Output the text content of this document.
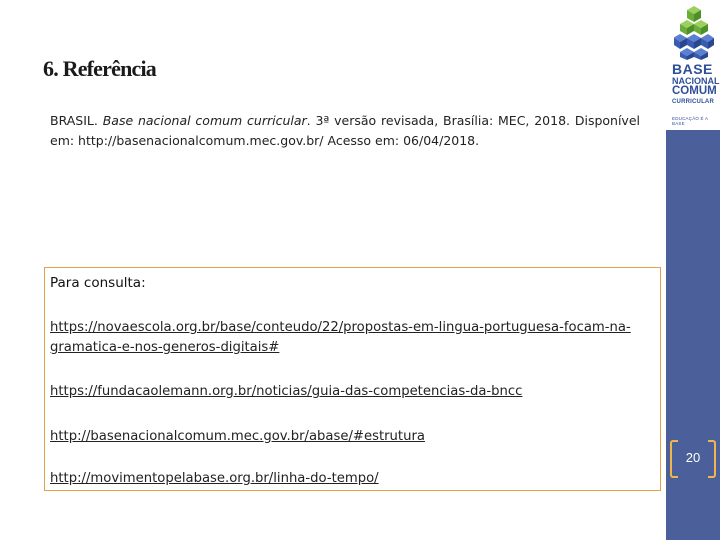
BASE
NACIONAL
COMUM
CURRICULAR
EDUCAÇÃO É A BASE
6. Referência
BRASIL. Base nacional comum curricular. 3ª versão revisada, Brasília: MEC, 2018. Disponível em: http://basenacionalcomum.mec.gov.br/ Acesso em: 06/04/2018.
Para consulta:
https://novaescola.org.br/base/conteudo/22/propostas-em-lingua-portuguesa-focam-na-gramatica-e-nos-generos-digitais#
https://fundacaolemann.org.br/noticias/guia-das-competencias-da-bncc
http://basenacionalcomum.mec.gov.br/abase/#estrutura
http://movimentopelabase.org.br/linha-do-tempo/
20
